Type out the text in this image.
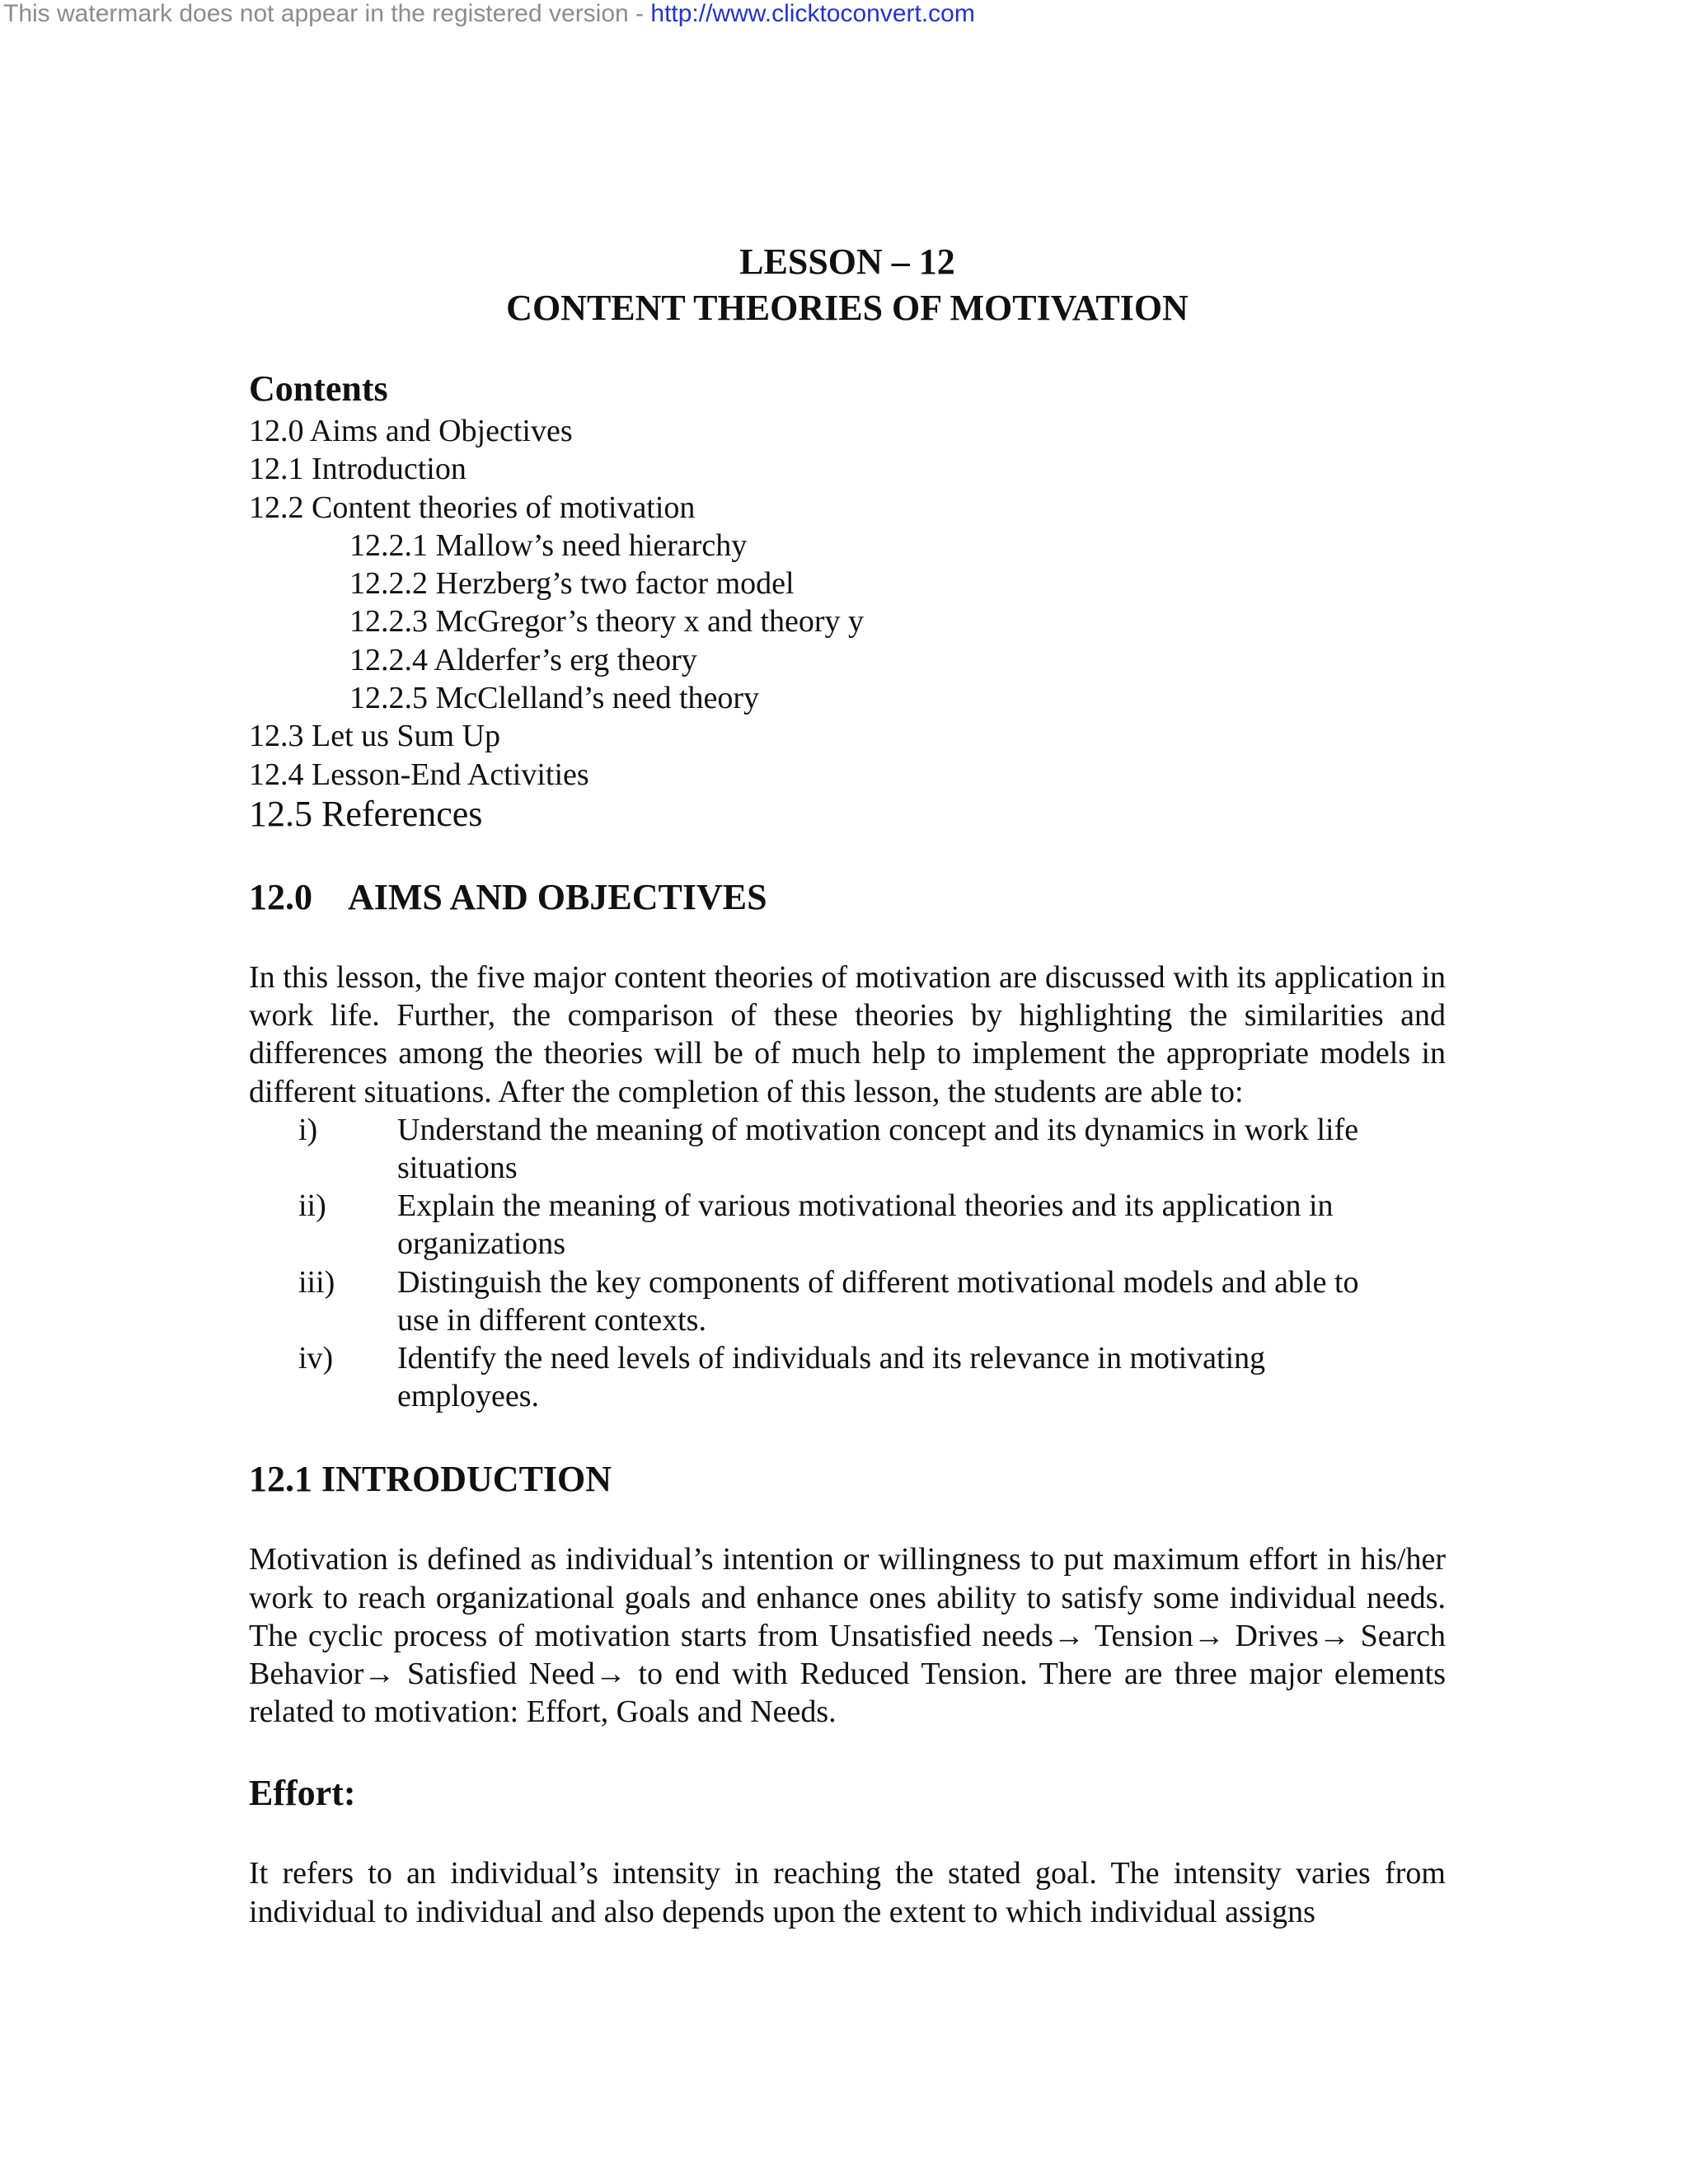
This watermark does not appear in the registered version - http://www.clicktoconvert.com
LESSON – 12
CONTENT THEORIES OF MOTIVATION
Contents
12.0 Aims and Objectives
12.1 Introduction
12.2 Content theories of motivation
12.2.1 Mallow’s need hierarchy
12.2.2 Herzberg’s two factor model
12.2.3 McGregor’s theory x and theory y
12.2.4 Alderfer’s erg theory
12.2.5 McClelland’s need theory
12.3 Let us Sum Up
12.4 Lesson-End Activities
12.5 References
12.0 AIMS AND OBJECTIVES

In this lesson, the five major content theories of motivation are discussed with its application in work life. Further, the comparison of these theories by highlighting the similarities and differences among the theories will be of much help to implement the appropriate models in different situations. After the completion of this lesson, the students are able to:

i)	Understand the meaning of motivation concept and its dynamics in work life
situations
ii) Explain the meaning of various motivational theories and its application in
organizations
iii) Distinguish the key components of different motivational models and able to
use in different contexts.
iv) Identify the need levels of individuals and its relevance in motivating
employees.
12.1 INTRODUCTION

Motivation is defined as individual’s intention or willingness to put maximum effort in his/her work to reach organizational goals and enhance ones ability to satisfy some individual needs. The cyclic process of motivation starts from Unsatisfied needs→ Tension→ Drives→ Search Behavior→ Satisfied Need→ to end with Reduced Tension. There are three major elements related to motivation: Effort, Goals and Needs.

Effort:

It refers to an individual’s intensity in reaching the stated goal. The intensity varies from individual to individual and also depends upon the extent to which individual assigns
